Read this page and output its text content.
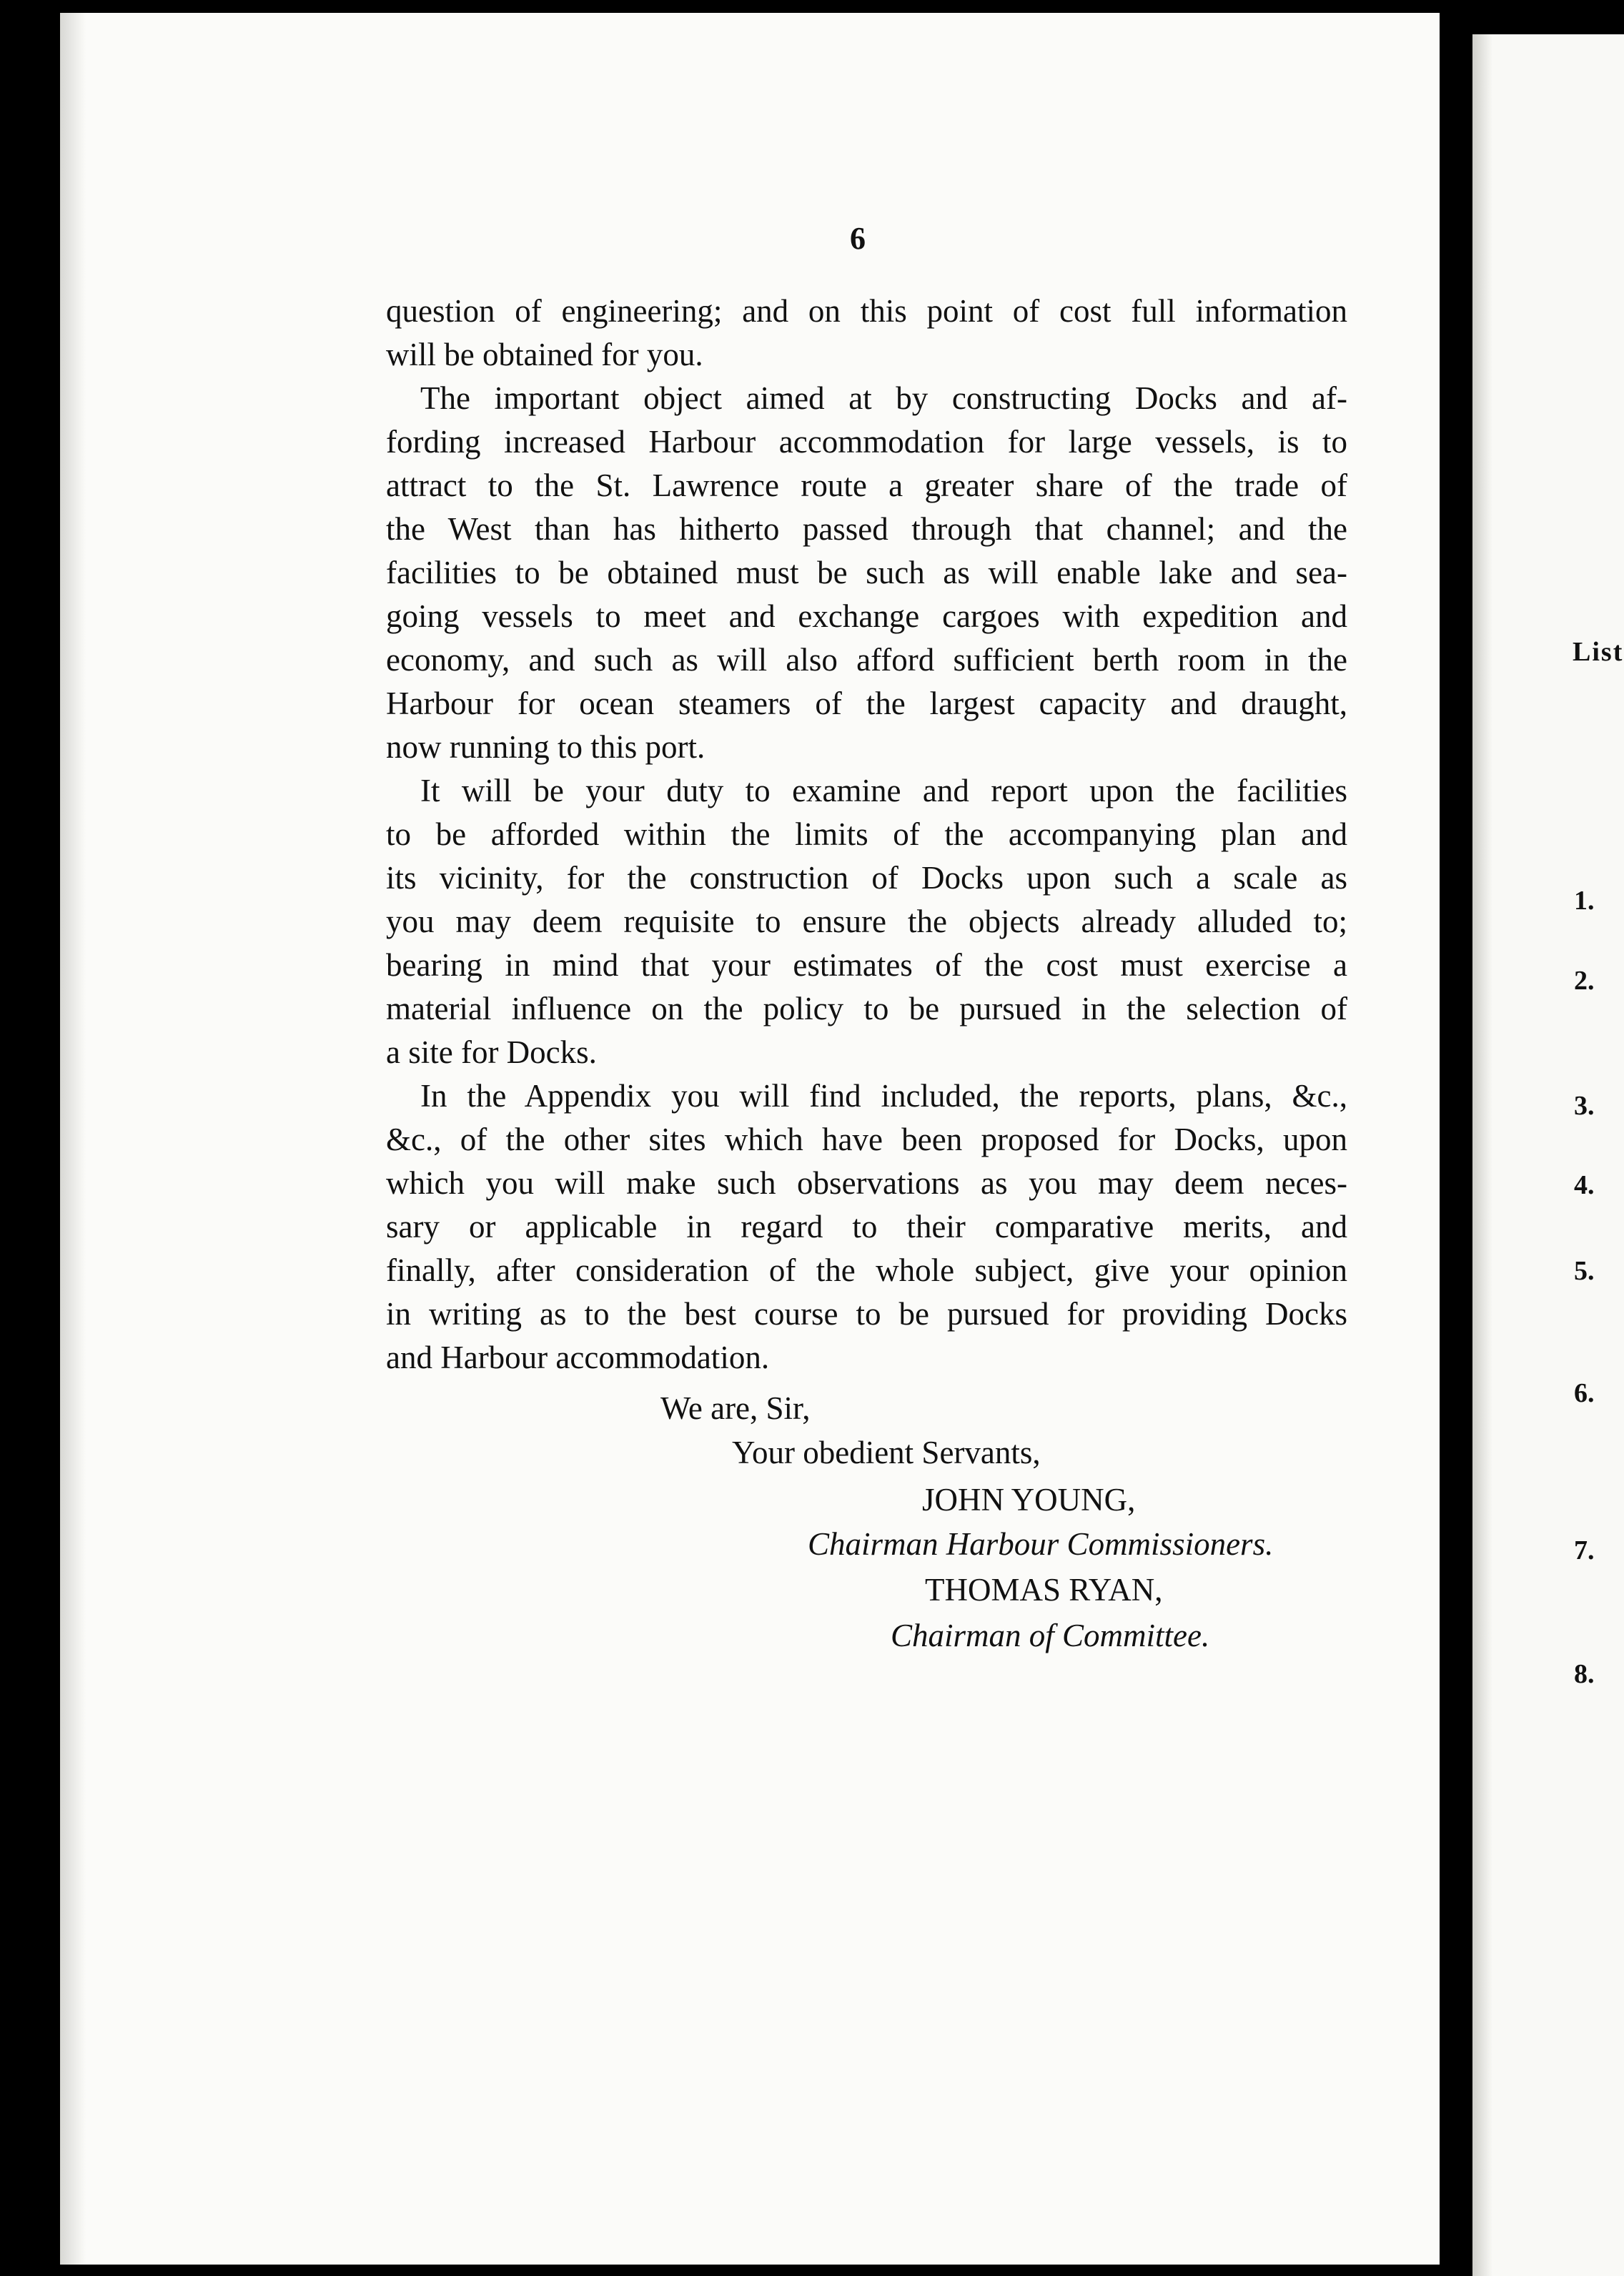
6
question of engineering; and on this point of cost full information
will be obtained for you.
The important object aimed at by constructing Docks and af-
fording increased Harbour accommodation for large vessels, is to
attract to the St. Lawrence route a greater share of the trade of
the West than has hitherto passed through that channel; and the
facilities to be obtained must be such as will enable lake and sea-
going vessels to meet and exchange cargoes with expedition and
economy, and such as will also afford sufficient berth room in the
Harbour for ocean steamers of the largest capacity and draught,
now running to this port.
It will be your duty to examine and report upon the facilities
to be afforded within the limits of the accompanying plan and
its vicinity, for the construction of Docks upon such a scale as
you may deem requisite to ensure the objects already alluded to;
bearing in mind that your estimates of the cost must exercise a
material influence on the policy to be pursued in the selection of
a site for Docks.
In the Appendix you will find included, the reports, plans, &c.,
&c., of the other sites which have been proposed for Docks, upon
which you will make such observations as you may deem neces-
sary or applicable in regard to their comparative merits, and
finally, after consideration of the whole subject, give your opinion
in writing as to the best course to be pursued for providing Docks
and Harbour accommodation.
We are, Sir,
Your obedient Servants,
JOHN YOUNG,
Chairman Harbour Commissioners.
THOMAS RYAN,
Chairman of Committee.
List
1.
2.
3.
4.
5.
6.
7.
8.
